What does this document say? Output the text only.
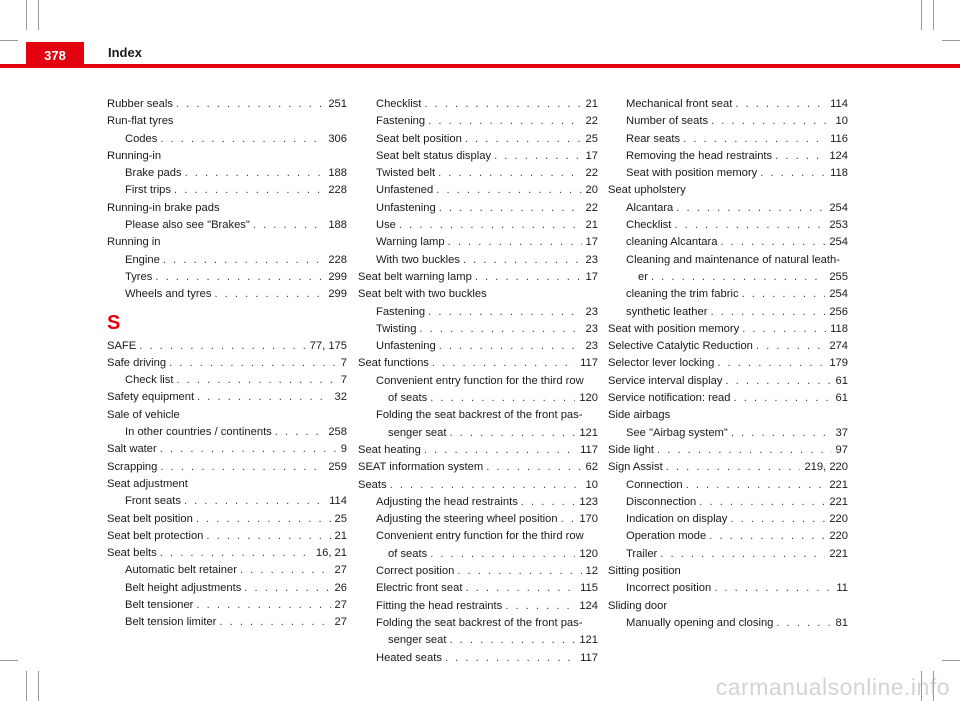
378	Index
Rubber seals . . .	251
Run-flat tyres
Codes . . .	306
Running-in
Brake pads . . .	188
First trips . . .	228
Running-in brake pads
Please also see "Brakes" . . .	188
Running in
Engine . . .	228
Tyres . . .	299
Wheels and tyres . . .	299
S
SAFE . . .	77, 175
Safe driving . . .	7
Check list . . .	7
Safety equipment . . .	32
Sale of vehicle
In other countries / continents . . .	258
Salt water . . .	9
Scrapping . . .	259
Seat adjustment
Front seats . . .	114
Seat belt position . . .	25
Seat belt protection . . .	21
Seat belts . . .	16, 21
Automatic belt retainer . . .	27
Belt height adjustments . . .	26
Belt tensioner . . .	27
Belt tension limiter . . .	27
Checklist . . .	21
Fastening . . .	22
Seat belt position . . .	25
Seat belt status display . . .	17
Twisted belt . . .	22
Unfastened . . .	20
Unfastening . . .	22
Use . . .	21
Warning lamp . . .	17
With two buckles . . .	23
Seat belt warning lamp . . .	17
Seat belt with two buckles
Fastening . . .	23
Twisting . . .	23
Unfastening . . .	23
Seat functions . . .	117
Convenient entry function for the third row
of seats . . .	120
Folding the seat backrest of the front pas-
senger seat . . .	121
Seat heating . . .	117
SEAT information system . . .	62
Seats . . .	10
Adjusting the head restraints . . .	123
Adjusting the steering wheel position . . .	170
Convenient entry function for the third row
of seats . . .	120
Correct position . . .	12
Electric front seat . . .	115
Fitting the head restraints . . .	124
Folding the seat backrest of the front pas-
senger seat . . .	121
Heated seats . . .	117
Mechanical front seat . . .	114
Number of seats . . .	10
Rear seats . . .	116
Removing the head restraints . . .	124
Seat with position memory . . .	118
Seat upholstery
Alcantara . . .	254
Checklist . . .	253
cleaning Alcantara . . .	254
Cleaning and maintenance of natural leath-
er . . .	255
cleaning the trim fabric . . .	254
synthetic leather . . .	256
Seat with position memory . . .	118
Selective Catalytic Reduction . . .	274
Selector lever locking . . .	179
Service interval display . . .	61
Service notification: read . . .	61
Side airbags
See "Airbag system" . . .	37
Side light . . .	97
Sign Assist . . .	219, 220
Connection . . .	221
Disconnection . . .	221
Indication on display . . .	220
Operation mode . . .	220
Trailer . . .	221
Sitting position
Incorrect position . . .	11
Sliding door
Manually opening and closing . . .	81
carmanualsonline.info
